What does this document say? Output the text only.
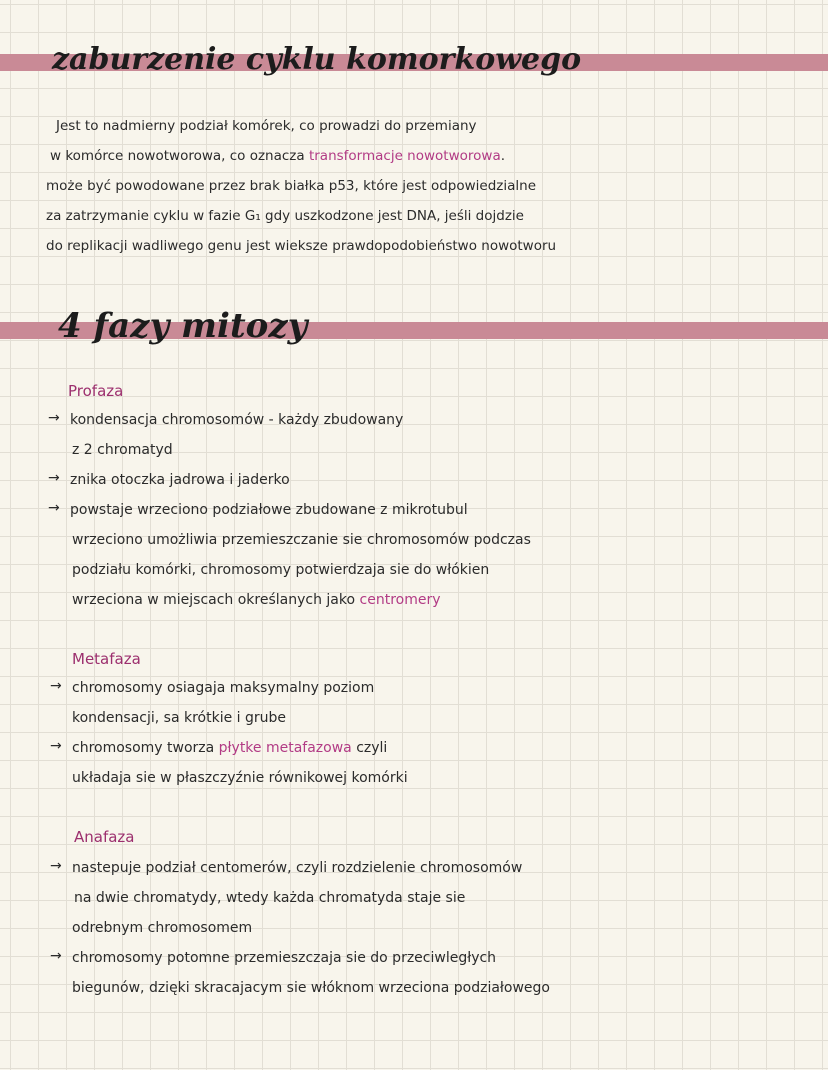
zaburzenie cyklu komorkowego
Jest to nadmierny podział komórek, co prowadzi do przemiany
w komórce nowotworowa, co oznacza transformacje nowotworowa.
może być powodowane przez brak białka p53, które jest odpowiedzialne
za zatrzymanie cyklu w fazie G₁ gdy uszkodzone jest DNA, jeśli dojdzie
do replikacji wadliwego genu jest wieksze prawdopodobieństwo nowotworu
4 fazy mitozy
Profaza
→ kondensacja chromosomów - każdy zbudowany
z 2 chromatyd
→ znika otoczka jadrowa i jaderko
→ powstaje wrzeciono podziałowe zbudowane z mikrotubul
wrzeciono umożliwia przemieszczanie sie chromosomów podczas
podziału komórki, chromosomy potwierdzaja sie do włókien
wrzeciona w miejscach określanych jako centromery
Metafaza
→ chromosomy osiagaja maksymalny poziom
kondensacji, sa krótkie i grube
→ chromosomy tworza płytke metafazowa czyli
układaja sie w płaszczyźnie równikowej komórki
Anafaza
→ nastepuje podział centomerów, czyli rozdzielenie chromosomów
na dwie chromatydy, wtedy każda chromatyda staje sie
odrebnym chromosomem
→ chromosomy potomne przemieszczaja sie do przeciwległych
biegunów, dzięki skracajacym sie włóknom wrzeciona podziałowego
